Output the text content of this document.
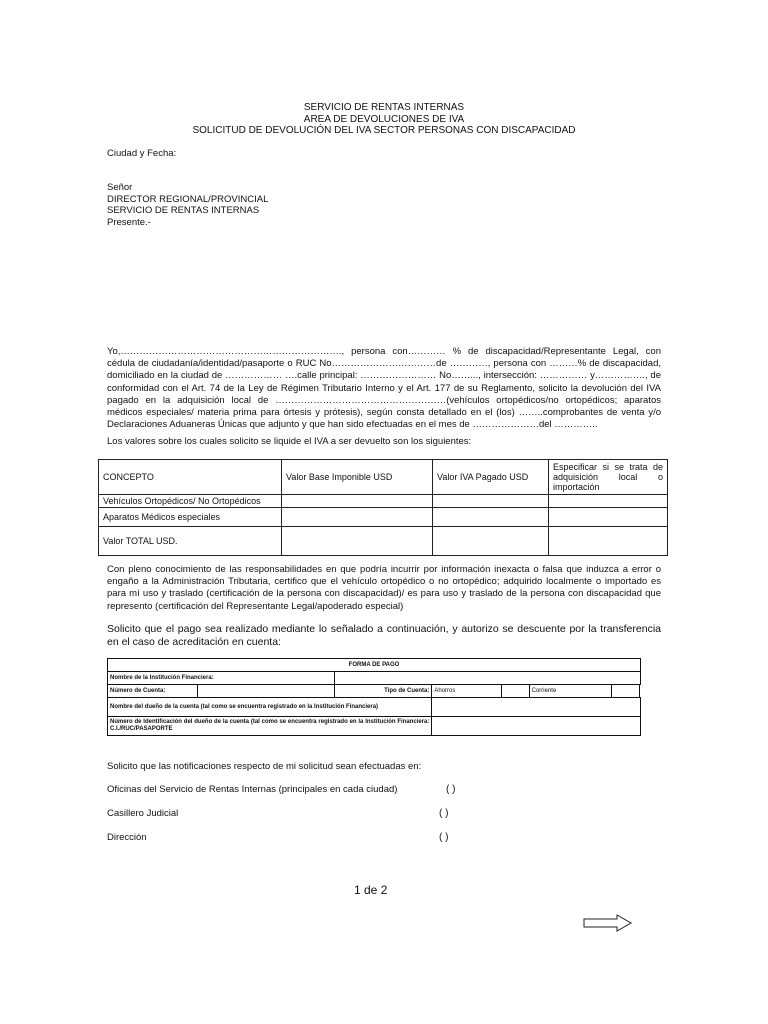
SERVICIO DE RENTAS INTERNAS
AREA DE DEVOLUCIONES DE IVA
SOLICITUD DE DEVOLUCIÓN DEL IVA SECTOR PERSONAS CON DISCAPACIDAD
Ciudad y Fecha:
Señor
DIRECTOR REGIONAL/PROVINCIAL
SERVICIO DE RENTAS INTERNAS
Presente.-
Yo,……………………………………………………………., persona con………… % de discapacidad/Representante Legal, con cédula de ciudadanía/identidad/pasaporte o RUC No……………………………de …………, persona con ………% de discapacidad, domiciliado en la ciudad de ……………… ….calle principal: …………………… No……..., intersección: …………… y……………., de conformidad con el Art. 74 de la Ley de Régimen Tributario Interno y el Art. 177 de su Reglamento, solicito la devolución del IVA pagado en la adquisición local de ………………………………………………(vehículos ortopédicos/no ortopédicos; aparatos médicos especiales/ materia prima para órtesis y prótesis), según consta detallado en el (los) ……..comprobantes de venta y/o Declaraciones Aduaneras Únicas que adjunto y que han sido efectuadas en el mes de …………………del …………..
Los valores sobre los cuales solicito se liquide el IVA a ser devuelto son los siguientes:
CONCEPTO	Valor Base Imponible USD	Valor IVA Pagado USD	Especificar si se trata de adquisición local o importación
Vehículos Ortopédicos/ No Ortopédicos			
Aparatos Médicos especiales			
Valor TOTAL USD.			
Con pleno conocimiento de las responsabilidades en que podría incurrir por información inexacta o falsa que induzca a error o engaño a la Administración Tributaria, certifico que el vehículo ortopédico o no ortopédico; adquirido localmente o importado es para mí uso y traslado (certificación de la persona con discapacidad)/ es para uso y traslado de la persona con discapacidad que represento (certificación del Representante Legal/apoderado especial)
Solicito que el pago sea realizado mediante lo señalado a continuación, y autorizo se descuente por la transferencia en el caso de acreditación en cuenta:
FORMA DE PAGO							
Nombre de la Institución Financiera:							
Número de Cuenta:		Tipo de Cuenta:	Ahorros		Corriente		
Nombre del dueño de la cuenta (tal como se encuentra registrado en la Institución Financiera)							
Número de Identificación del dueño de la cuenta (tal como se encuentra registrado en la Institución Financiera: C.I./RUC/PASAPORTE							
Solicito que las notificaciones respecto de mi solicitud sean efectuadas en:
Oficinas del Servicio de Rentas Internas (principales en cada ciudad)	( )
Casillero Judicial	( )
Dirección	( )
1 de 2
